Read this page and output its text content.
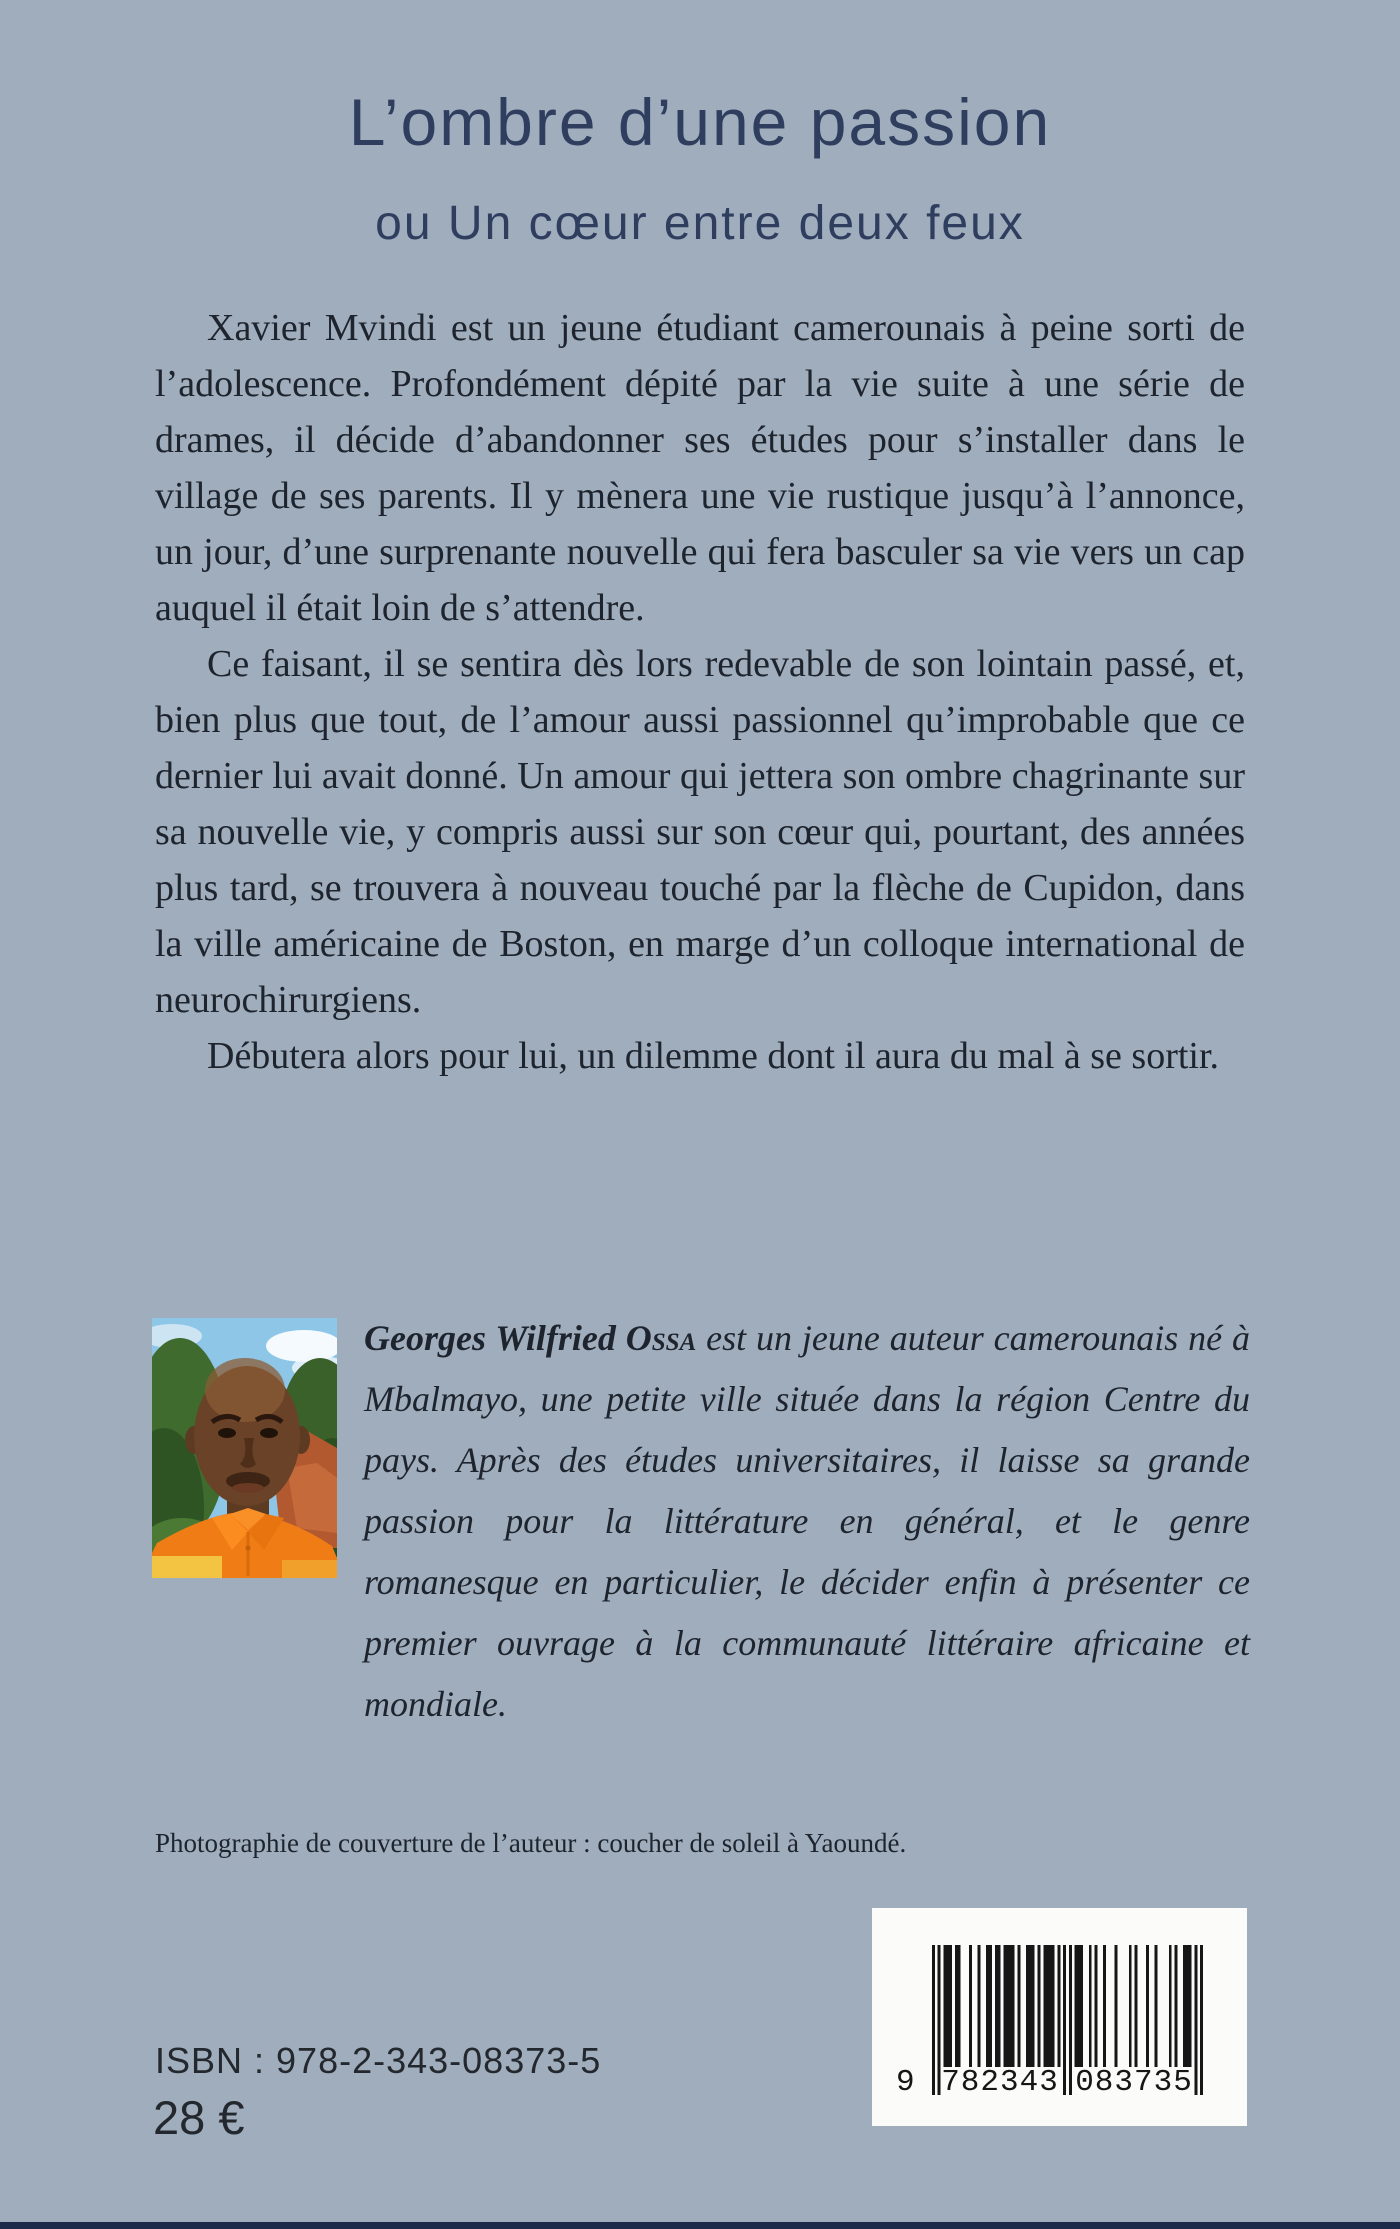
L’ombre d’une passion
ou Un cœur entre deux feux

Xavier Mvindi est un jeune étudiant camerounais à peine sorti de l’adolescence. Profondément dépité par la vie suite à une série de drames, il décide d’abandonner ses études pour s’installer dans le village de ses parents. Il y mènera une vie rustique jusqu’à l’annonce, un jour, d’une surprenante nouvelle qui fera basculer sa vie vers un cap auquel il était loin de s’attendre.

Ce faisant, il se sentira dès lors redevable de son lointain passé, et, bien plus que tout, de l’amour aussi passionnel qu’improbable que ce dernier lui avait donné. Un amour qui jettera son ombre chagrinante sur sa nouvelle vie, y compris aussi sur son cœur qui, pourtant, des années plus tard, se trouvera à nouveau touché par la flèche de Cupidon, dans la ville américaine de Boston, en marge d’un colloque international de neurochirurgiens.

Débutera alors pour lui, un dilemme dont il aura du mal à se sortir.

Georges Wilfried Ossa est un jeune auteur camerounais né à Mbalmayo, une petite ville située dans la région Centre du pays. Après des études universitaires, il laisse sa grande passion pour la littérature en général, et le genre romanesque en particulier, le décider enfin à présenter ce premier ouvrage à la communauté littéraire africaine et mondiale.
Photographie de couverture de l’auteur : coucher de soleil à Yaoundé.
9 782343 083735
ISBN : 978-2-343-08373-5
28 €
